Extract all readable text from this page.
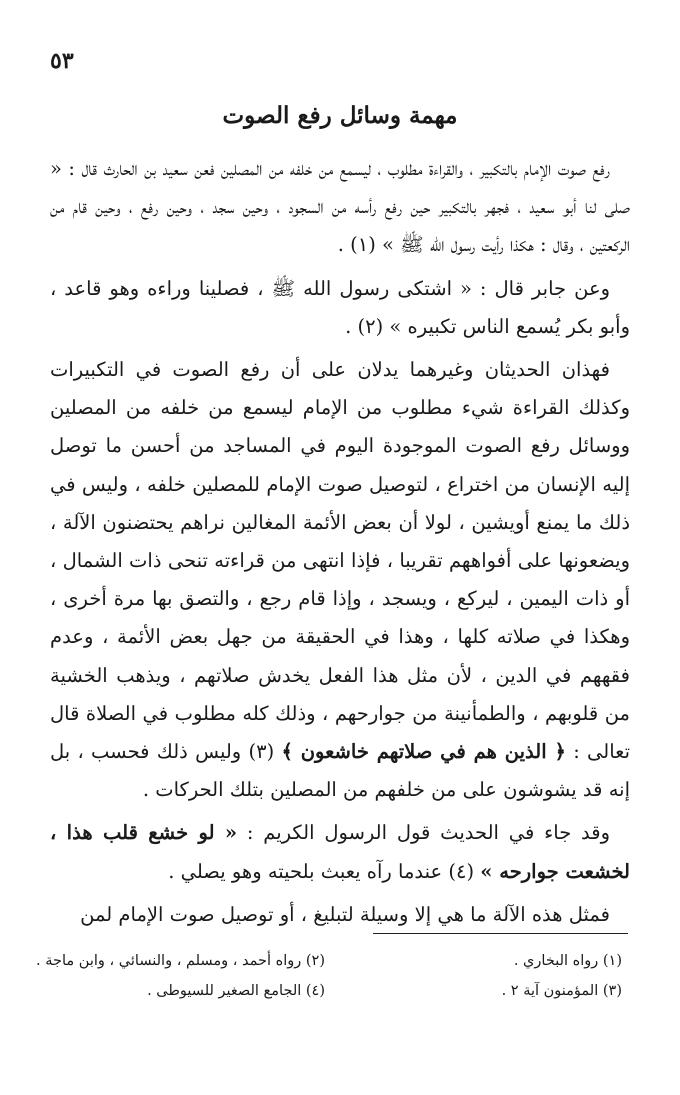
٥٣
مهمة وسائل رفع الصوت

رفع صوت الإمام بالتكبير ، والقراءة مطلوب ، ليسمع من خلفه من المصلين فعن سعيد بن الحارث قال : « صلى لنا أبو سعيد ، فجهر بالتكبير حين رفع رأسه من السجود ، وحين سجد ، وحين رفع ، وحين قام من الركعتين ، وقال : هكذا رأيت رسول الله ﷺ » (١) .

وعن جابر قال : « اشتكى رسول الله ﷺ ، فصلينا وراءه وهو قاعد ، وأبو بكر يُسمع الناس تكبيره » (٢) .

فهذان الحديثان وغيرهما يدلان على أن رفع الصوت في التكبيرات وكذلك القراءة شيء مطلوب من الإمام ليسمع من خلفه من المصلين ووسائل رفع الصوت الموجودة اليوم في المساجد من أحسن ما توصل إليه الإنسان من اختراع ، لتوصيل صوت الإمام للمصلين خلفه ، وليس في ذلك ما يمنع أويشين ، لولا أن بعض الأئمة المغالين نراهم يحتضنون الآلة ، ويضعونها على أفواههم تقريبا ، فإذا انتهى من قراءته تنحى ذات الشمال ، أو ذات اليمين ، ليركع ، ويسجد ، وإذا قام رجع ، والتصق بها مرة أخرى ، وهكذا في صلاته كلها ، وهذا في الحقيقة من جهل بعض الأئمة ، وعدم فقههم في الدين ، لأن مثل هذا الفعل يخدش صلاتهم ، ويذهب الخشية من قلوبهم ، والطمأنينة من جوارحهم ، وذلك كله مطلوب في الصلاة قال تعالى : ﴿ الذين هم في صلاتهم خاشعون ﴾ (٣) وليس ذلك فحسب ، بل إنه قد يشوشون على من خلفهم من المصلين بتلك الحركات .

وقد جاء في الحديث قول الرسول الكريم : « لو خشع قلب هذا ، لخشعت جوارحه » (٤) عندما رآه يعبث بلحيته وهو يصلي .

فمثل هذه الآلة ما هي إلا وسيلة لتبليغ ، أو توصيل صوت الإمام لمن

(١) رواه البخاري .
(٢) رواه أحمد ، ومسلم ، والنسائي ، وابن ماجة .
(٣) المؤمنون آية ٢ .
(٤) الجامع الصغير للسيوطى .
